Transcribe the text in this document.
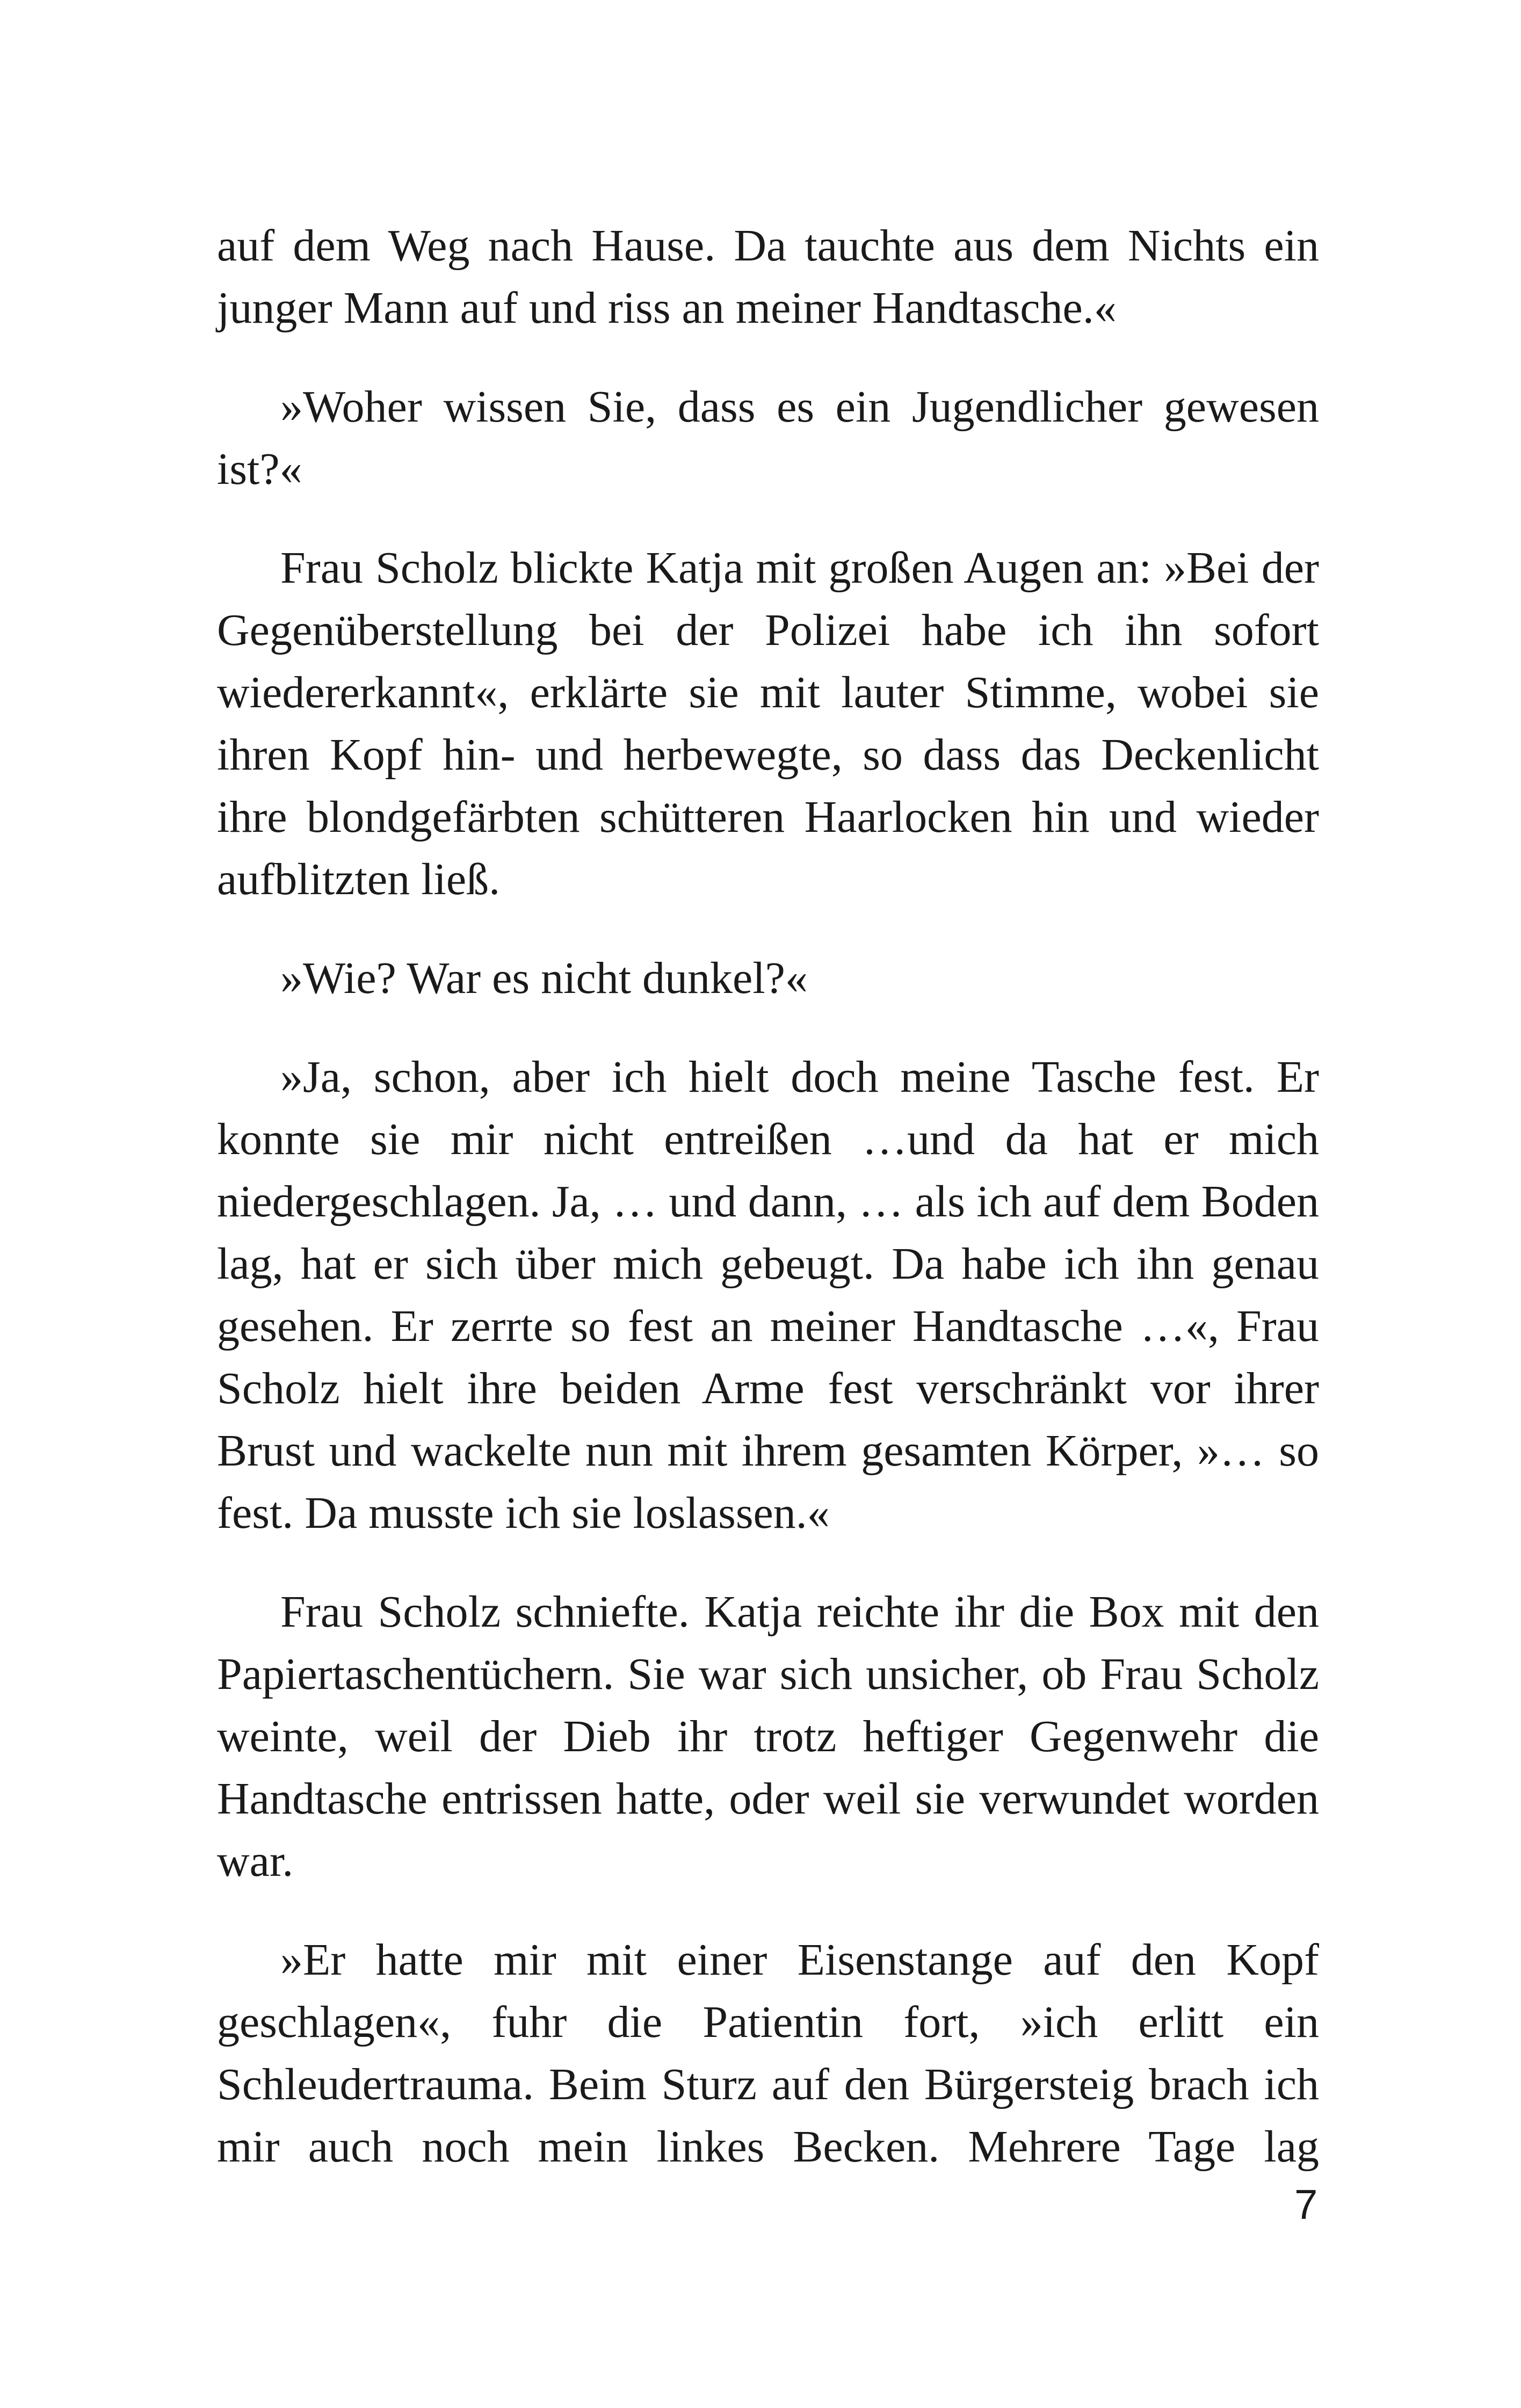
auf dem Weg nach Hause. Da tauchte aus dem Nichts ein junger Mann auf und riss an meiner Handtasche.«

»Woher wissen Sie, dass es ein Jugendlicher gewesen ist?«

Frau Scholz blickte Katja mit großen Augen an: »Bei der Gegenüberstellung bei der Polizei habe ich ihn sofort wiedererkannt«, erklärte sie mit lauter Stimme, wobei sie ihren Kopf hin- und herbewegte, so dass das Deckenlicht ihre blondgefärbten schütteren Haarlocken hin und wieder aufblitzten ließ.

»Wie? War es nicht dunkel?«

»Ja, schon, aber ich hielt doch meine Tasche fest. Er konnte sie mir nicht entreißen …und da hat er mich niedergeschlagen. Ja, … und dann, … als ich auf dem Boden lag, hat er sich über mich gebeugt. Da habe ich ihn genau gesehen. Er zerrte so fest an meiner Handtasche …«, Frau Scholz hielt ihre beiden Arme fest verschränkt vor ihrer Brust und wackelte nun mit ihrem gesamten Körper, »… so fest. Da musste ich sie loslassen.«

Frau Scholz schniefte. Katja reichte ihr die Box mit den Papiertaschentüchern. Sie war sich unsicher, ob Frau Scholz weinte, weil der Dieb ihr trotz heftiger Gegenwehr die Handtasche entrissen hatte, oder weil sie verwundet worden war.

»Er hatte mir mit einer Eisenstange auf den Kopf geschlagen«, fuhr die Patientin fort, »ich erlitt ein Schleudertrauma. Beim Sturz auf den Bürgersteig brach ich mir auch noch mein linkes Becken. Mehrere Tage lag

7
